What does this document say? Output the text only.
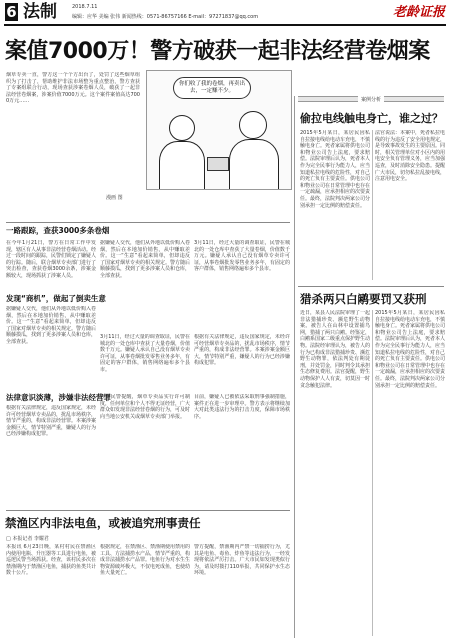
6 法制	2018.7.11
编辑：应华 美编 张伟 新闻热线：0571-86757166 E-mail：97271837@qq.com	老龄证报
案值7000万！警方破获一起非法经营卷烟案
烟草专卖一直，警方这一个个方出台了，处罚了这些烟草组织为了打击了，帮助维护非法市场整为重点整治，警方查获了专案组联合行动，现场查获涉案卷烟人员，破获了一起非法经营卷烟案，涉案价值7000万元。这个案件案值高达7000万元……
你们收了我的卷烟，再卖出去，一定赚不少。
漫画 图
案例分析
偷拉电线触电身亡，谁之过？
2015年5月某日，某居民因私自拉接电线给电动车充电，不慎触电身亡。死者家属将供电公司和物业公司告上法庭，要求赔偿。法院审理后认为，死者本人作为完全民事行为能力人，应当知道私拉电线的危险性，对自己的死亡负有主要责任。供电公司和物业公司在日常管理中也存在一定疏漏，应承担相应的次要责任。最终，法院判决两家公司分别承担一定比例的赔偿责任。
法官说法：本案中，死者私拉电线的行为违反了安全用电规定，是导致事故发生的主要原因。同时，相关管理单位对小区内的用电安全负有管理义务，应当加强巡查，及时消除安全隐患。提醒广大市民，切勿私拉乱接电线，注意用电安全。
一路跟踪，查获3000多条卷烟
在今年1月21日，警方在日常工作中发现，辖区有人从事非法经营卷烟活动。经过一段时间的跟踪，民警们锁定了嫌疑人的行踪。随后，联合烟草专卖部门进行了突击检查，查获卷烟3000余条，涉案金额较大，现场抓获了涉案人员。
据嫌疑人交代，他们从外地以低价购入卷烟，然后在本地加价销售，从中赚取差价。这一“生意”看起来简单，但却违反了国家对烟草专卖的相关规定。警方随后顺藤摸瓜，找到了更多涉案人员和仓库，全部查获。
3月11日，经过大量的调查取证，民警在城北的一处仓库中查获了大量卷烟，价值数千万元。嫌疑人承认自己没有烟草专卖许可证，从事卷烟批发零售业务多年，有固定的客户群体，销售网络遍布多个县市。
发现“商机”，做起了倒卖生意
据嫌疑人交代，他们从外地以低价购入卷烟，然后在本地加价销售，从中赚取差价。这一“生意”看起来简单，但却违反了国家对烟草专卖的相关规定。警方随后顺藤摸瓜，找到了更多涉案人员和仓库，全部查获。
3月11日，经过大量的调查取证，民警在城北的一处仓库中查获了大量卷烟，价值数千万元。嫌疑人承认自己没有烟草专卖许可证，从事卷烟批发零售业务多年，有固定的客户群体，销售网络遍布多个县市。
根据有关法律规定，违反国家规定，未经许可经营烟草专卖品的，扰乱市场秩序，情节严重的，构成非法经营罪。本案涉案金额巨大，情节特别严重，嫌疑人的行为已经涉嫌构成犯罪。
法律意识淡薄，涉嫌非法经营罪
根据有关法律规定，违反国家规定，未经许可经营烟草专卖品的，扰乱市场秩序，情节严重的，构成非法经营罪。本案涉案金额巨大，情节特别严重，嫌疑人的行为已经涉嫌构成犯罪。
办案民警提醒，烟草专卖品实行许可制度，任何单位和个人不得无证经营，广大群众如发现非法经营卷烟的行为，可及时向当地公安机关或烟草专卖部门举报。
目前，嫌疑人已被依法采取刑事强制措施，案件正在进一步审理中。警方表示将继续加大对此类违法行为的打击力度，保障市场秩序。
猎杀两只白鹇要罚又获刑
近日，某县人民法院审理了一起非法猎捕珍贵、濒危野生动物案。被告人在山林中设置捕鸟网，猎捕了两只白鹇。经鉴定，白鹇系国家二级重点保护野生动物。法院经审理认为，被告人的行为已构成非法猎捕珍贵、濒危野生动物罪，依法判处有期徒刑，并处罚金，同时判令其承担生态修复费用。法官提醒，野生动物保护人人有责，切莫因一时贪念触犯法律。
2015年5月某日，某居民因私自拉接电线给电动车充电，不慎触电身亡。死者家属将供电公司和物业公司告上法庭，要求赔偿。法院审理后认为，死者本人作为完全民事行为能力人，应当知道私拉电线的危险性，对自己的死亡负有主要责任。供电公司和物业公司在日常管理中也存在一定疏漏，应承担相应的次要责任。最终，法院判决两家公司分别承担一定比例的赔偿责任。
禁渔区内非法电鱼，或被追究刑事责任
□ 本报记者 李耀君
本报讯 6月23日晚，某村村民在禁渔区内使用电瓶、升压器等工具进行电鱼，被巡逻民警当场抓获。经查，该村民多次在禁渔期内于禁渔区电鱼，捕获的鱼类共计数十公斤。
根据规定，在禁渔区、禁渔期使用禁用的工具、方法捕捞水产品，情节严重的，构成非法捕捞水产品罪。电鱼行为对水生生物资源破坏极大，不仅电死成鱼，也使幼鱼大量死亡。
警方提醒，禁渔期内严禁一切捕捞行为，尤其是电鱼、毒鱼、炸鱼等违法行为，一经发现将依法严厉打击。广大市民如发现类似行为，请及时拨打110举报，共同保护水生态环境。
